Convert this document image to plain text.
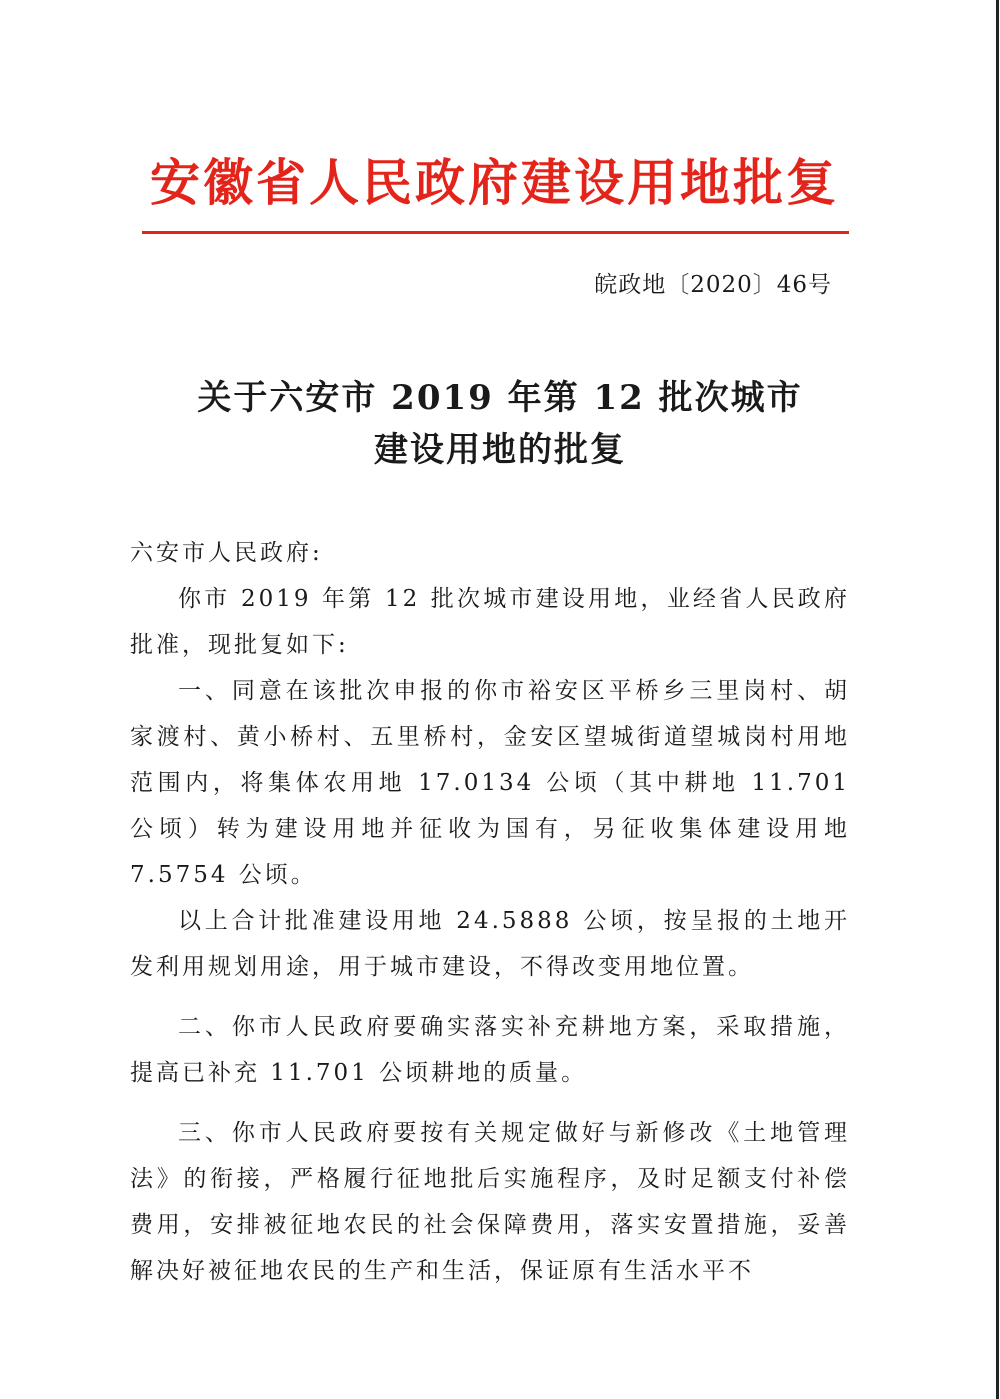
安徽省人民政府建设用地批复
皖政地〔2020〕46号
关于六安市 2019 年第 12 批次城市
建设用地的批复
六安市人民政府:
你市 2019 年第 12 批次城市建设用地，业经省人民政府批准，现批复如下:
一、同意在该批次申报的你市裕安区平桥乡三里岗村、胡家渡村、黄小桥村、五里桥村，金安区望城街道望城岗村用地范围内，将集体农用地 17.0134 公顷（其中耕地 11.701 公顷）转为建设用地并征收为国有，另征收集体建设用地 7.5754 公顷。
以上合计批准建设用地 24.5888 公顷，按呈报的土地开发利用规划用途，用于城市建设，不得改变用地位置。
二、你市人民政府要确实落实补充耕地方案，采取措施，提高已补充 11.701 公顷耕地的质量。
三、你市人民政府要按有关规定做好与新修改《土地管理法》的衔接，严格履行征地批后实施程序，及时足额支付补偿费用，安排被征地农民的社会保障费用，落实安置措施，妥善解决好被征地农民的生产和生活，保证原有生活水平不
